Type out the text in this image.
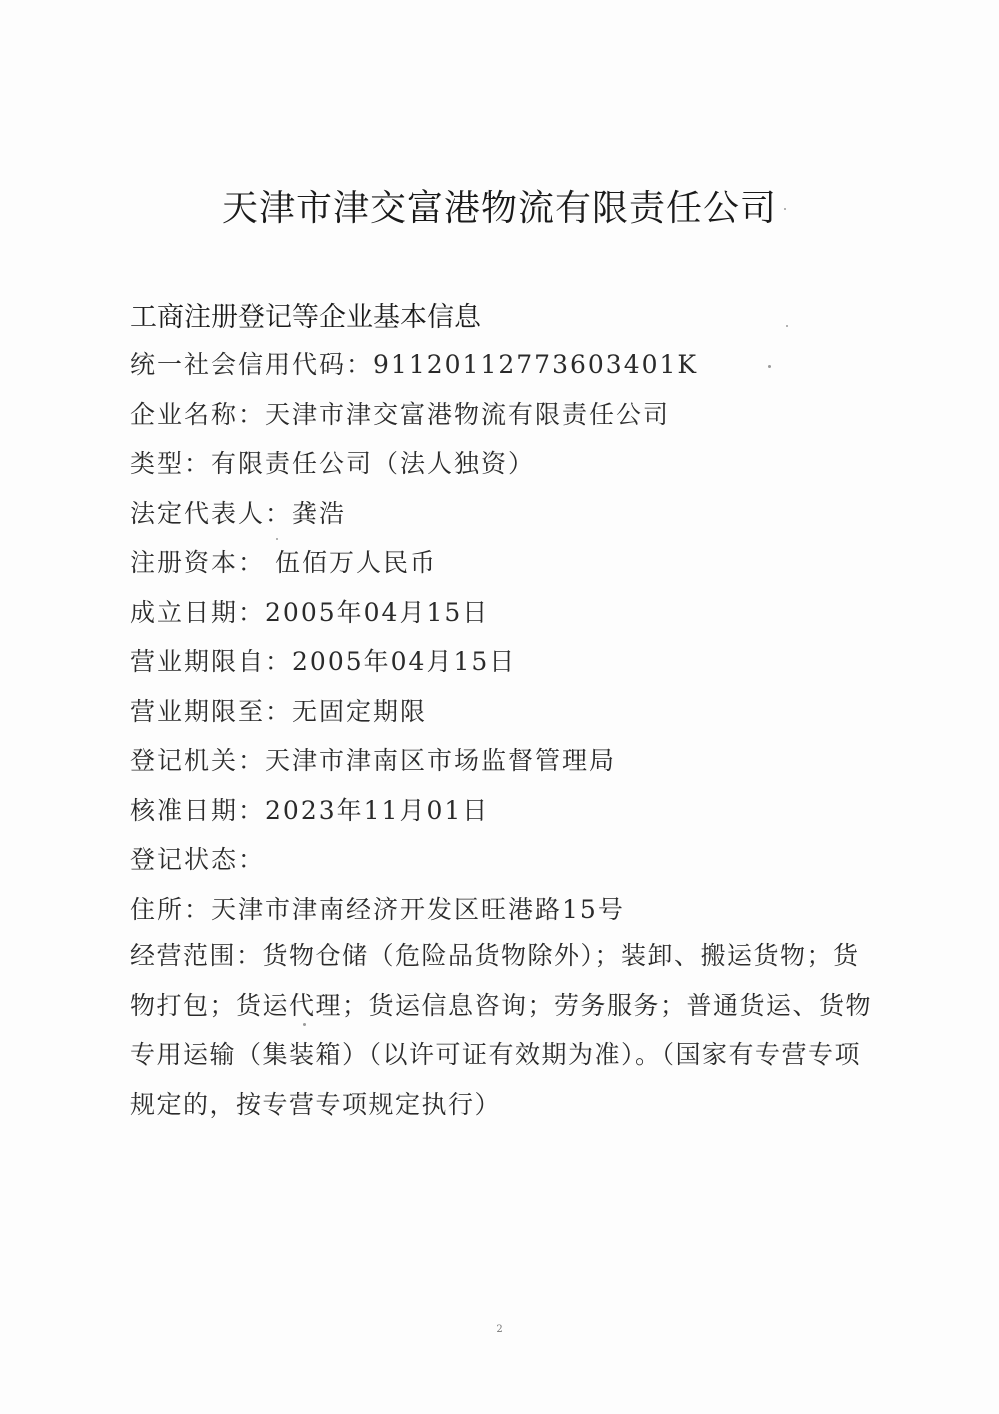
天津市津交富港物流有限责任公司
工商注册登记等企业基本信息
统一社会信用代码：91120112773603401K
企业名称：天津市津交富港物流有限责任公司
类型：有限责任公司（法人独资）
法定代表人：龚浩
注册资本： 伍佰万人民币
成立日期：2005年04月15日
营业期限自：2005年04月15日
营业期限至：无固定期限
登记机关：天津市津南区市场监督管理局
核准日期：2023年11月01日
登记状态：
住所：天津市津南经济开发区旺港路15号
经营范围：货物仓储（危险品货物除外）；装卸、搬运货物；货物打包；货运代理；货运信息咨询；劳务服务；普通货运、货物专用运输（集装箱）（以许可证有效期为准）。（国家有专营专项规定的，按专营专项规定执行）
2
